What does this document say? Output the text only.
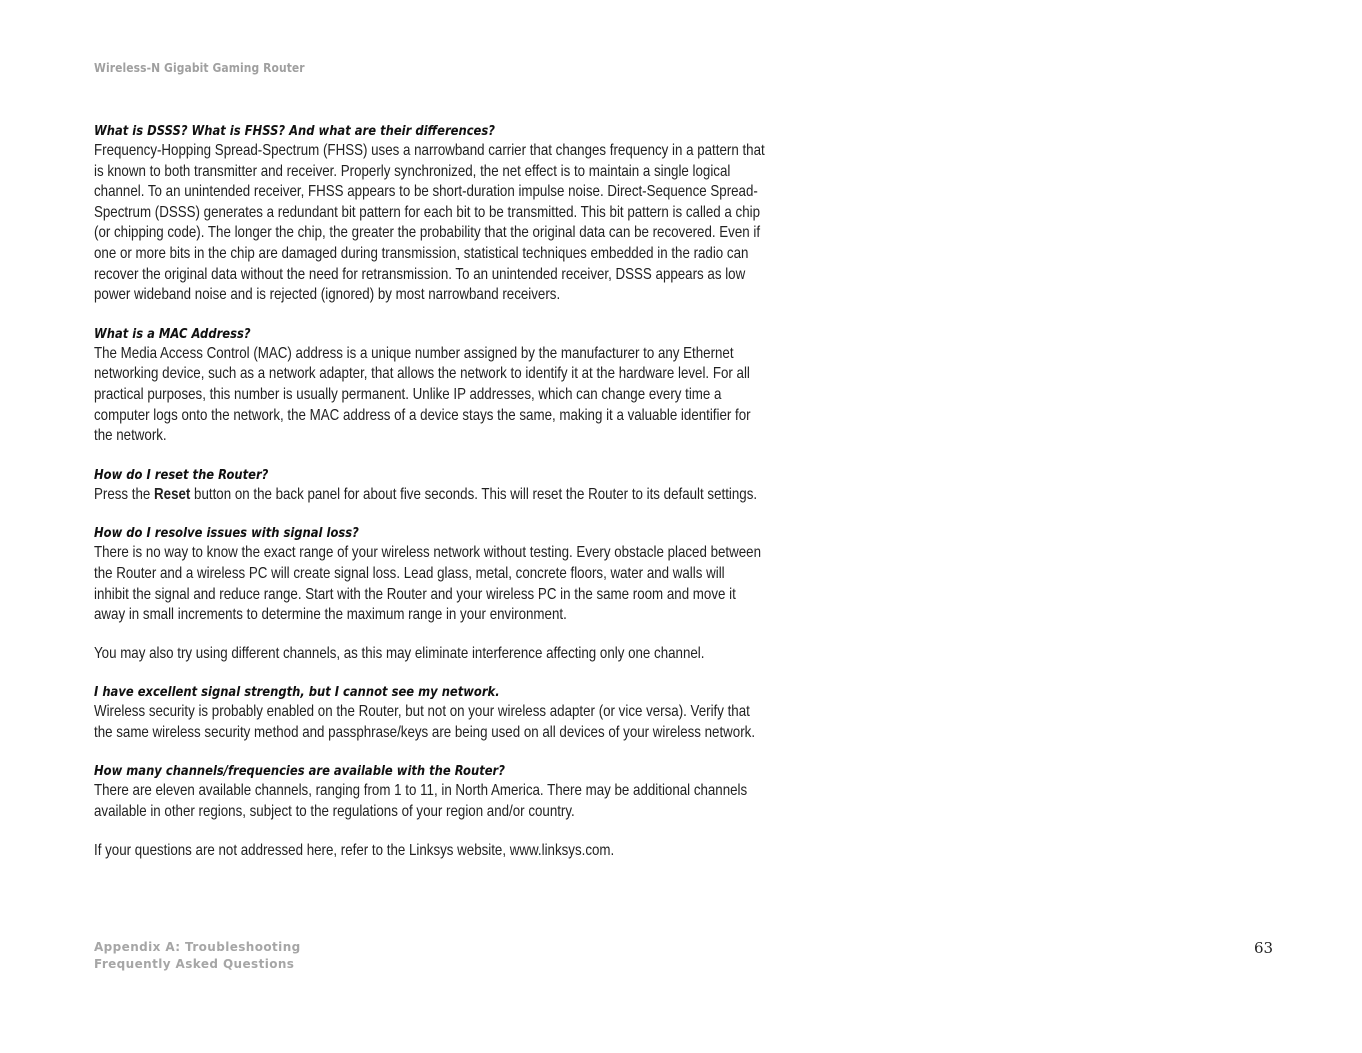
Wireless-N Gigabit Gaming Router

What is DSSS? What is FHSS? And what are their differences?

Frequency-Hopping Spread-Spectrum (FHSS) uses a narrowband carrier that changes frequency in a pattern that
is known to both transmitter and receiver. Properly synchronized, the net effect is to maintain a single logical
channel. To an unintended receiver, FHSS appears to be short-duration impulse noise. Direct-Sequence Spread-
Spectrum (DSSS) generates a redundant bit pattern for each bit to be transmitted. This bit pattern is called a chip
(or chipping code). The longer the chip, the greater the probability that the original data can be recovered. Even if
one or more bits in the chip are damaged during transmission, statistical techniques embedded in the radio can
recover the original data without the need for retransmission. To an unintended receiver, DSSS appears as low
power wideband noise and is rejected (ignored) by most narrowband receivers.

What is a MAC Address?

The Media Access Control (MAC) address is a unique number assigned by the manufacturer to any Ethernet
networking device, such as a network adapter, that allows the network to identify it at the hardware level. For all
practical purposes, this number is usually permanent. Unlike IP addresses, which can change every time a
computer logs onto the network, the MAC address of a device stays the same, making it a valuable identifier for
the network.

How do I reset the Router?

Press the Reset button on the back panel for about five seconds. This will reset the Router to its default settings.

How do I resolve issues with signal loss?

There is no way to know the exact range of your wireless network without testing. Every obstacle placed between
the Router and a wireless PC will create signal loss. Lead glass, metal, concrete floors, water and walls will
inhibit the signal and reduce range. Start with the Router and your wireless PC in the same room and move it
away in small increments to determine the maximum range in your environment.

You may also try using different channels, as this may eliminate interference affecting only one channel.

I have excellent signal strength, but I cannot see my network.

Wireless security is probably enabled on the Router, but not on your wireless adapter (or vice versa). Verify that
the same wireless security method and passphrase/keys are being used on all devices of your wireless network.

How many channels/frequencies are available with the Router?

There are eleven available channels, ranging from 1 to 11, in North America. There may be additional channels
available in other regions, subject to the regulations of your region and/or country.

If your questions are not addressed here, refer to the Linksys website, www.linksys.com.

Appendix A: Troubleshooting
Frequently Asked Questions
63
